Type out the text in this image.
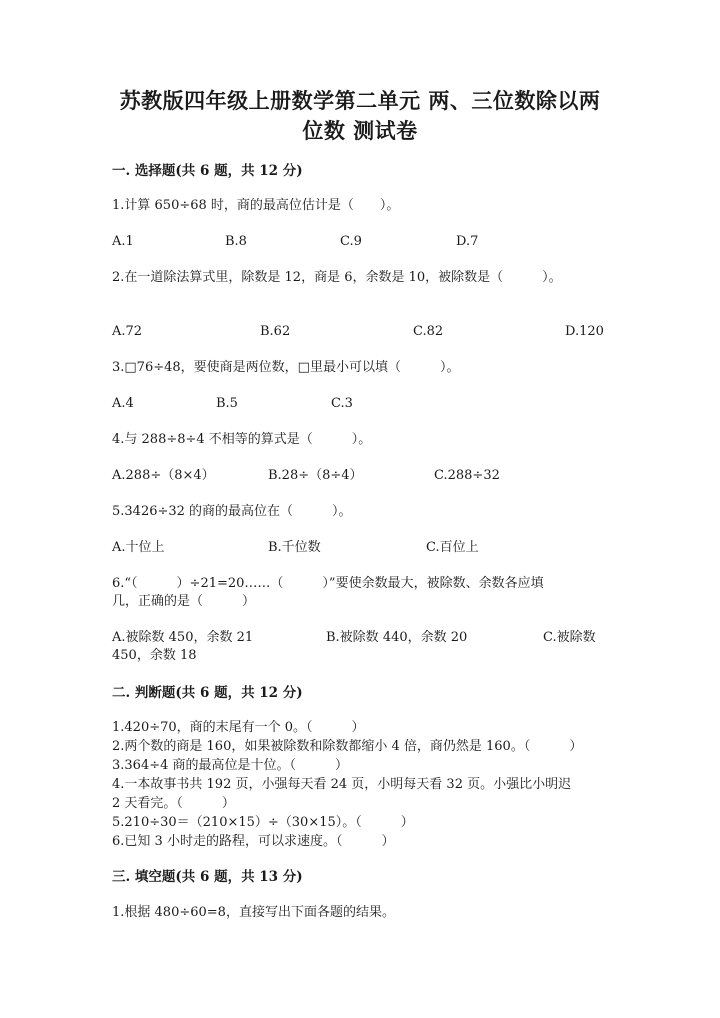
苏教版四年级上册数学第二单元 两、三位数除以两
位数 测试卷
一. 选择题(共 6 题，共 12 分)
1.计算 650÷68 时，商的最高位估计是（　　）。
A.1	B.8	C.9	D.7
2.在一道除法算式里，除数是 12，商是 6，余数是 10，被除数是（　　　）。
A.72	B.62	C.82	D.120
3.□76÷48，要使商是两位数，□里最小可以填（　　　）。
A.4	B.5	C.3
4.与 288÷8÷4 不相等的算式是（　　　）。
A.288÷（8×4）	B.28÷（8÷4）	C.288÷32
5.3426÷32 的商的最高位在（　　　）。
A.十位上	B.千位数	C.百位上
6.“（　　　）÷21=20……（　　　）”要使余数最大，被除数、余数各应填
几，正确的是（　　　）
A.被除数 450，余数 21	B.被除数 440，余数 20	C.被除数
450，余数 18
二. 判断题(共 6 题，共 12 分)
1.420÷70，商的末尾有一个 0。（　　　）
2.两个数的商是 160，如果被除数和除数都缩小 4 倍，商仍然是 160。（　　　）
3.364÷4 商的最高位是十位。（　　　）
4.一本故事书共 192 页，小强每天看 24 页，小明每天看 32 页。小强比小明迟
2 天看完。（　　　）
5.210÷30＝（210×15）÷（30×15）。（　　　）
6.已知 3 小时走的路程，可以求速度。（　　　）
三. 填空题(共 6 题，共 13 分)
1.根据 480÷60=8，直接写出下面各题的结果。
